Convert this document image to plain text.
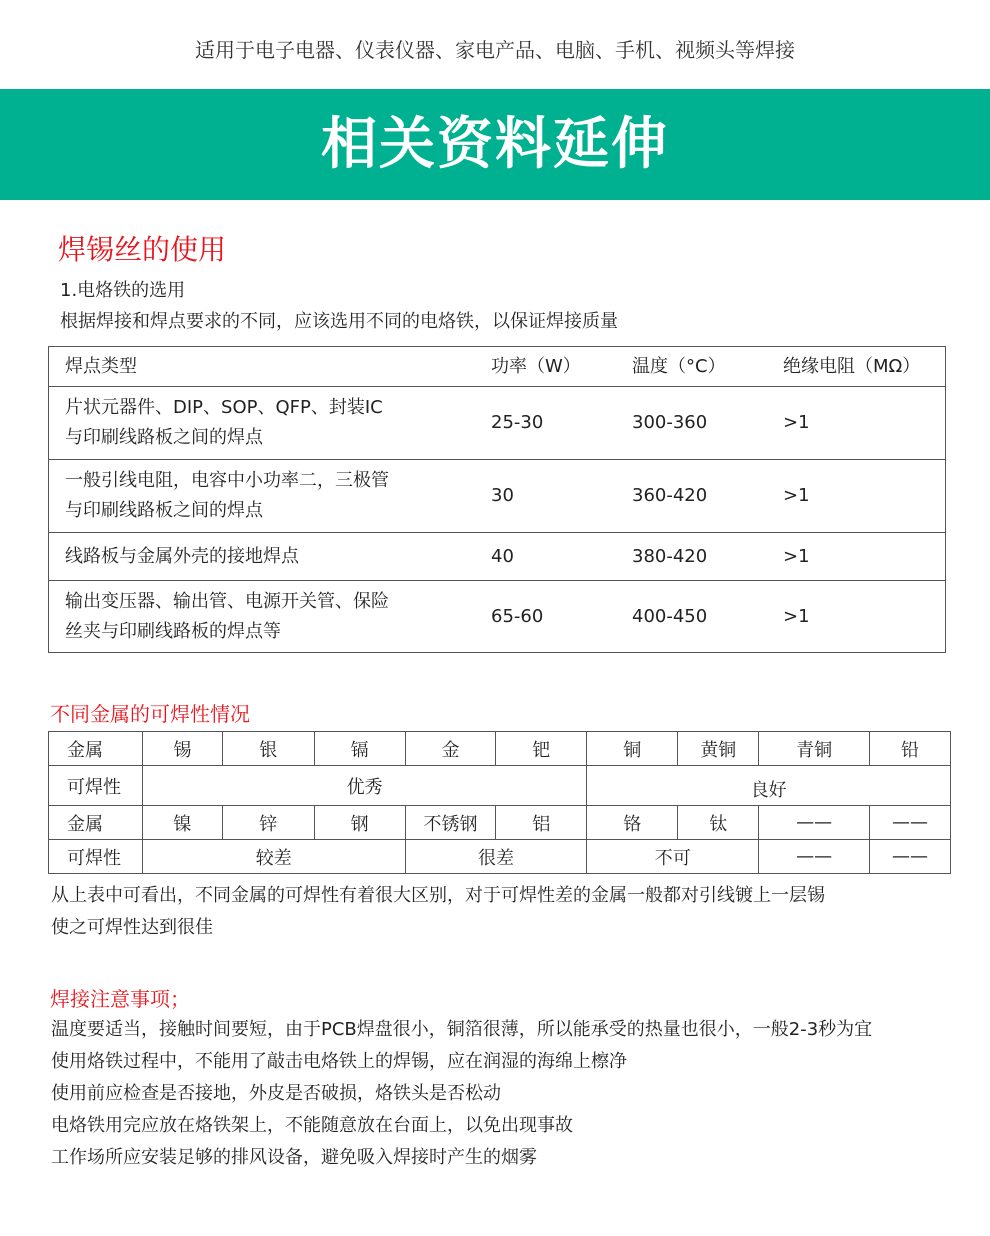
适用于电子电器、仪表仪器、家电产品、电脑、手机、视频头等焊接
相关资料延伸
焊锡丝的使用
1.电烙铁的选用
根据焊接和焊点要求的不同，应该选用不同的电烙铁，以保证焊接质量
焊点类型	功率（W）	温度（°C）	绝缘电阻（MΩ）

片状元器件、DIP、SOP、QFP、封装IC
与印刷线路板之间的焊点	25-30	300-360	>1

一般引线电阻，电容中小功率二，三极管
与印刷线路板之间的焊点	30	360-420	>1
线路板与金属外壳的接地焊点	40	380-420	>1

输出变压器、输出管、电源开关管、保险
丝夹与印刷线路板的焊点等	65-60	400-450	>1
不同金属的可焊性情况
金属	锡	银	镉	金	钯	铜	黄铜	青铜	铅
可焊性	优秀					良好			
金属	镍	锌	钢	不锈钢	铝	铬	钛	——	——
可焊性	较差			很差		不可		——	——
从上表中可看出，不同金属的可焊性有着很大区别，对于可焊性差的金属一般都对引线镀上一层锡
使之可焊性达到很佳
焊接注意事项；
温度要适当，接触时间要短，由于PCB焊盘很小，铜箔很薄，所以能承受的热量也很小，一般2-3秒为宜
使用烙铁过程中，不能用了敲击电烙铁上的焊锡，应在润湿的海绵上檫净
使用前应检查是否接地，外皮是否破损，烙铁头是否松动
电烙铁用完应放在烙铁架上，不能随意放在台面上，以免出现事故
工作场所应安装足够的排风设备，避免吸入焊接时产生的烟雾
